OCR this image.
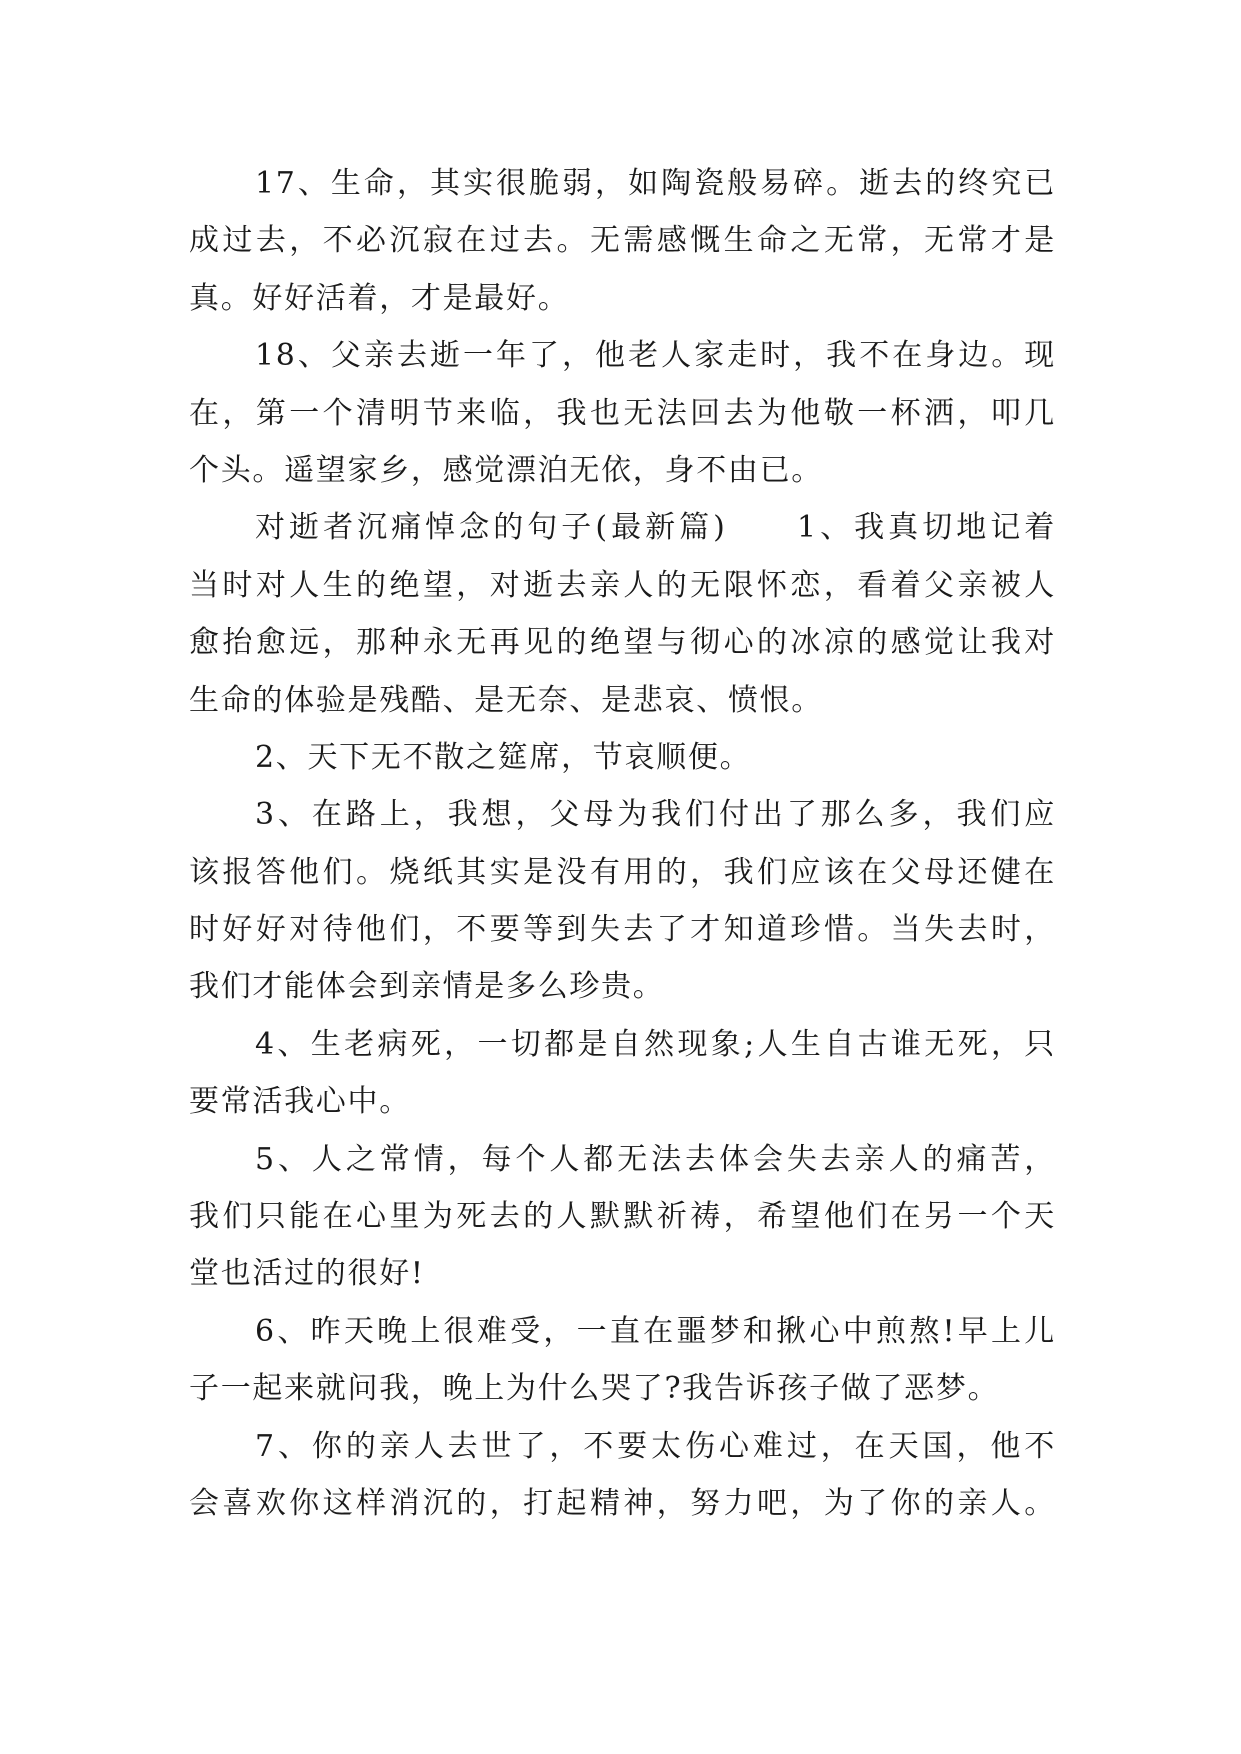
17、生命，其实很脆弱，如陶瓷般易碎。逝去的终究已
成过去，不必沉寂在过去。无需感慨生命之无常，无常才是
真。好好活着，才是最好。
18、父亲去逝一年了，他老人家走时，我不在身边。现
在，第一个清明节来临，我也无法回去为他敬一杯洒，叩几
个头。遥望家乡，感觉漂泊无依，身不由已。
对逝者沉痛悼念的句子(最新篇)　　1、我真切地记着
当时对人生的绝望，对逝去亲人的无限怀恋，看着父亲被人
愈抬愈远，那种永无再见的绝望与彻心的冰凉的感觉让我对
生命的体验是残酷、是无奈、是悲哀、愤恨。
2、天下无不散之筵席，节哀顺便。
3、在路上，我想，父母为我们付出了那么多，我们应
该报答他们。烧纸其实是没有用的，我们应该在父母还健在
时好好对待他们，不要等到失去了才知道珍惜。当失去时，
我们才能体会到亲情是多么珍贵。
4、生老病死，一切都是自然现象;人生自古谁无死，只
要常活我心中。
5、人之常情，每个人都无法去体会失去亲人的痛苦，
我们只能在心里为死去的人默默祈祷，希望他们在另一个天
堂也活过的很好!
6、昨天晚上很难受，一直在噩梦和揪心中煎熬!早上儿
子一起来就问我，晚上为什么哭了?我告诉孩子做了恶梦。
7、你的亲人去世了，不要太伤心难过，在天国，他不
会喜欢你这样消沉的，打起精神，努力吧，为了你的亲人。
